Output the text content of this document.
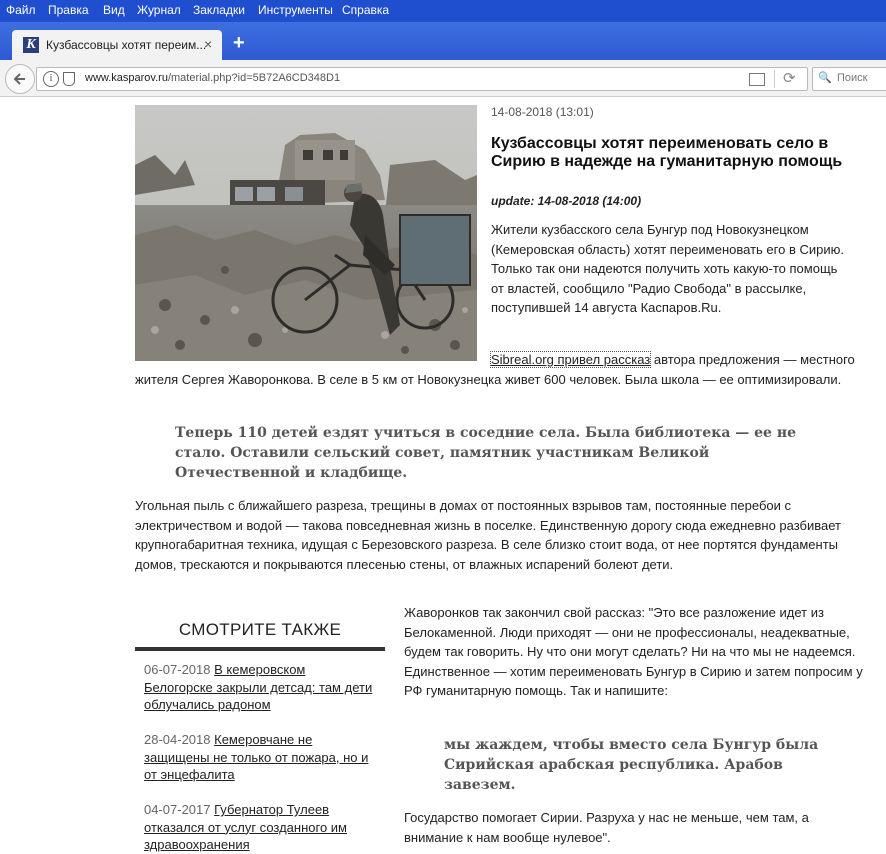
Файл Правка Вид Журнал Закладки Инструменты Справка
K Кузбассовцы хотят переим...
× +
i	www.kasparov.ru/material.php?id=5B72A6CD348D1	⟳ 🔍 Поиск
14-08-2018 (13:01)
Кузбассовцы хотят переименовать село в Сирию в надежде на гуманитарную помощь
update: 14-08-2018 (14:00)

Жители кузбасского села Бунгур под Новокузнецком (Кемеровская область) хотят переименовать его в Сирию. Только так они надеются получить хоть какую-то помощь от властей, сообщило "Радио Свобода" в рассылке, поступившей 14 августа Каспаров.Ru.

Sibreal.org привел рассказ автора предложения — местного жителя Сергея Жаворонкова. В селе в 5 км от Новокузнецка живет 600 человек. Была школа — ее оптимизировали.

Теперь 110 детей ездят учиться в соседние села. Была библиотека — ее не стало. Оставили сельский совет, памятник участникам Великой Отечественной и кладбище.

Угольная пыль с ближайшего разреза, трещины в домах от постоянных взрывов там, постоянные перебои с электричеством и водой — такова повседневная жизнь в поселке. Единственную дорогу сюда ежедневно разбивает крупногабаритная техника, идущая с Березовского разреза. В селе близко стоит вода, от нее портятся фундаменты домов, трескаются и покрываются плесенью стены, от влажных испарений болеют дети.

СМОТРИТЕ ТАКЖЕ
06-07-2018 В кемеровском Белогорске закрыли детсад: там дети облучались радоном
28-04-2018 Кемеровчане не защищены не только от пожара, но и от энцефалита
04-07-2017 Губернатор Тулеев отказался от услуг созданного им здравоохранения

Жаворонков так закончил свой рассказ: "Это все разложение идет из Белокаменной. Люди приходят — они не профессионалы, неадекватные, будем так говорить. Ну что они могут сделать? Ни на что мы не надеемся. Единственное — хотим переименовать Бунгур в Сирию и затем попросим у РФ гуманитарную помощь. Так и напишите:

мы жаждем, чтобы вместо села Бунгур была Сирийская арабская республика. Арабов завезем.

Государство помогает Сирии. Разруха у нас не меньше, чем там, а внимание к нам вообще нулевое".
